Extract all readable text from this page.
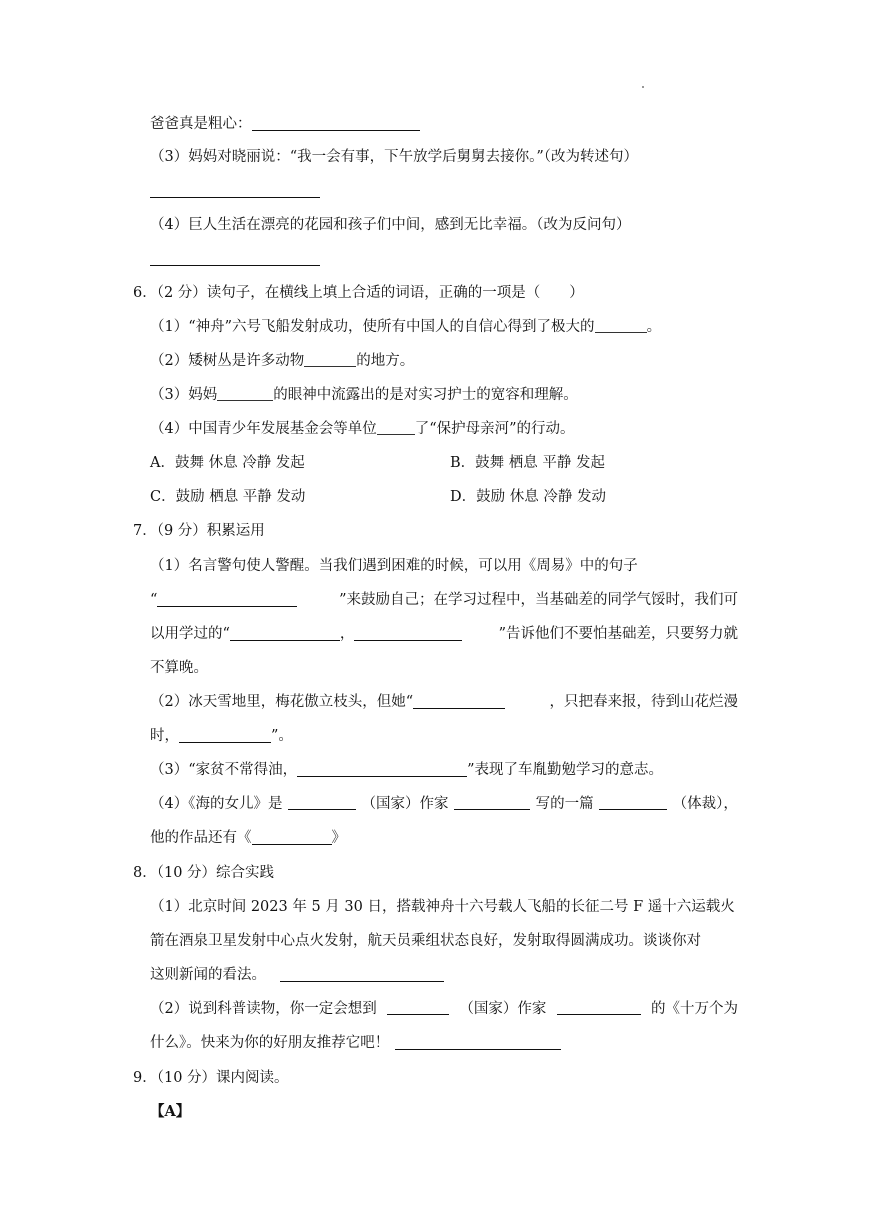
爸爸真是粗心：
（3）妈妈对晓丽说：“我一会有事，下午放学后舅舅去接你。”（改为转述句）
（4）巨人生活在漂亮的花园和孩子们中间，感到无比幸福。（改为反问句）
6．（2 分）读句子，在横线上填上合适的词语，正确的一项是（　　）
（1）“神舟”六号飞船发射成功，使所有中国人的自信心得到了极大的	。
（2）矮树丛是许多动物	的地方。
（3）妈妈	的眼神中流露出的是对实习护士的宽容和理解。
（4）中国青少年发展基金会等单位	了“保护母亲河”的行动。
A．鼓舞 休息 冷静 发起	B．鼓舞 栖息 平静 发起
C．鼓励 栖息 平静 发动	D．鼓励 休息 冷静 发动
7．（9 分）积累运用
（1）名言警句使人警醒。当我们遇到困难的时候，可以用《周易》中的句子
“	”来鼓励自己；在学习过程中，当基础差的同学气馁时，我们可
以用学过的“	，	”告诉他们不要怕基础差，只要努力就
不算晚。
（2）冰天雪地里，梅花傲立枝头，但她“	，只把春来报，待到山花烂漫
时，	”。
（3）“家贫不常得油，	”表现了车胤勤勉学习的意志。
（4）《海的女儿》是	（国家）作家	写的一篇	（体裁），
他的作品还有《	》
8．（10 分）综合实践
（1）北京时间 2023 年 5 月 30 日，搭载神舟十六号载人飞船的长征二号 F 遥十六运载火
箭在酒泉卫星发射中心点火发射，航天员乘组状态良好，发射取得圆满成功。谈谈你对
这则新闻的看法。
（2）说到科普读物，你一定会想到	（国家）作家	的《十万个为
什么》。快来为你的好朋友推荐它吧！
9．（10 分）课内阅读。
【A】
